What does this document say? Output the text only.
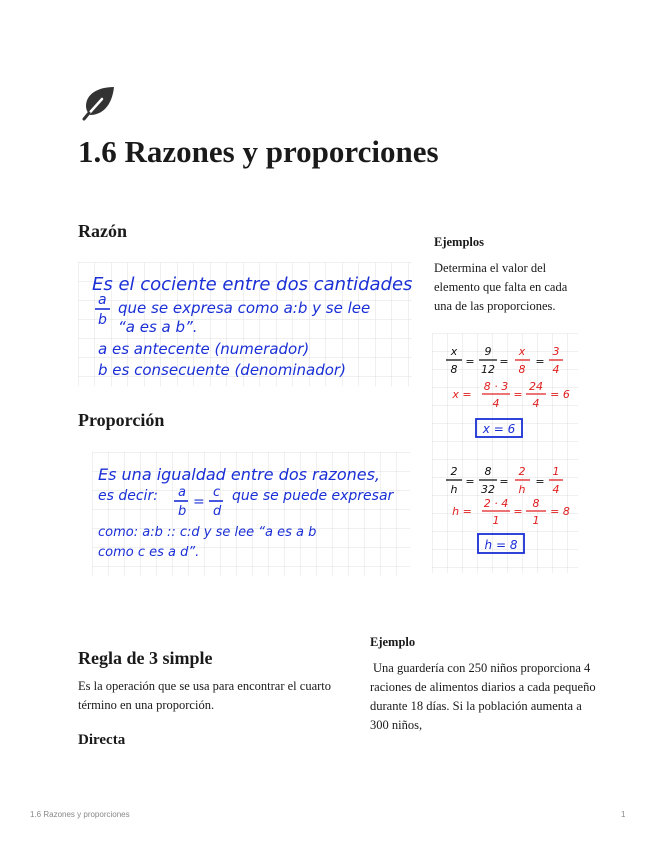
1.6 Razones y proporciones
Razón
Es el cociente entre dos cantidades
a
b
que se expresa como a:b y se lee
“a es a b”.
a es antecente (numerador)
b es consecuente (denominador)
Ejemplos
Determina el valor del elemento que falta en cada una de las proporciones.
x
8
=
9
12
= =
x
8
3
4
x =
8 · 3
4
=
24
4
= 6
x = 6
2
h
=
8
32
= =
2
h
1
4
h =
2 · 4
1
=
8
1
= 8
h = 8
Proporción
Es una igualdad entre dos razones,
es decir: a
b
=
c
d
que se puede expresar
como: a:b :: c:d y se lee “a es a b
como c es a d”.
Regla de 3 simple
Es la operación que se usa para encontrar el cuarto término en una proporción.
Directa
Ejemplo
Una guardería con 250 niños proporciona 4 raciones de alimentos diarios a cada pequeño durante 18 días. Si la población aumenta a 300 niños,
1.6 Razones y proporciones	1
